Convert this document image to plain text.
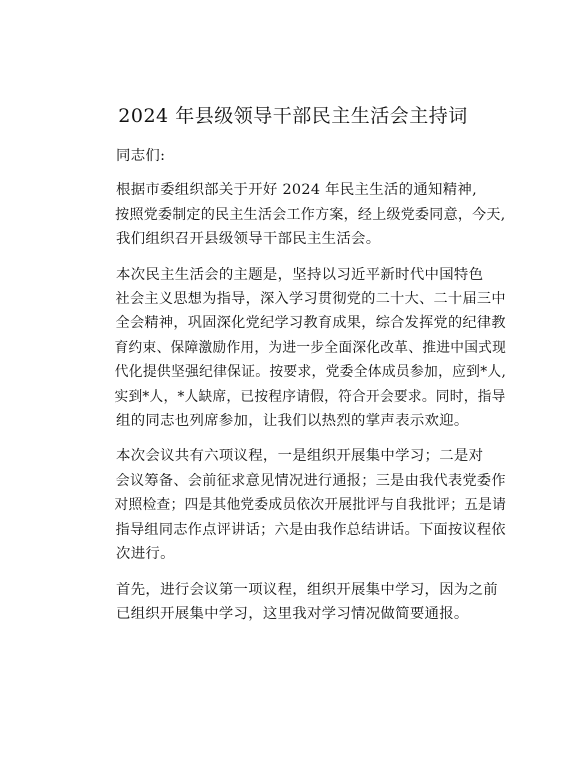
2024 年县级领导干部民主生活会主持词

同志们:

根据市委组织部关于开好 2024 年民主生活的通知精神,
按照党委制定的民主生活会工作方案，经上级党委同意，今天,
我们组织召开县级领导干部民主生活会。

本次民主生活会的主题是，坚持以习近平新时代中国特色
社会主义思想为指导，深入学习贯彻党的二十大、二十届三中 全会精神，巩固深化党纪学习教育成果，综合发挥党的纪律教 育约束、保障激励作用，为进一步全面深化改革、推进中国式现 代化提供坚强纪律保证。按要求，党委全体成员参加，应到*人, 实到*人，*人缺席，已按程序请假，符合开会要求。同时，指导
组的同志也列席参加，让我们以热烈的掌声表示欢迎。

本次会议共有六项议程，一是组织开展集中学习；二是对
会议筹备、会前征求意见情况进行通报；三是由我代表党委作 对照检查；四是其他党委成员依次开展批评与自我批评；五是请 指导组同志作点评讲话；六是由我作总结讲话。下面按议程依
次进行。

首先，进行会议第一项议程，组织开展集中学习，因为之前
已组织开展集中学习，这里我对学习情况做简要通报。
